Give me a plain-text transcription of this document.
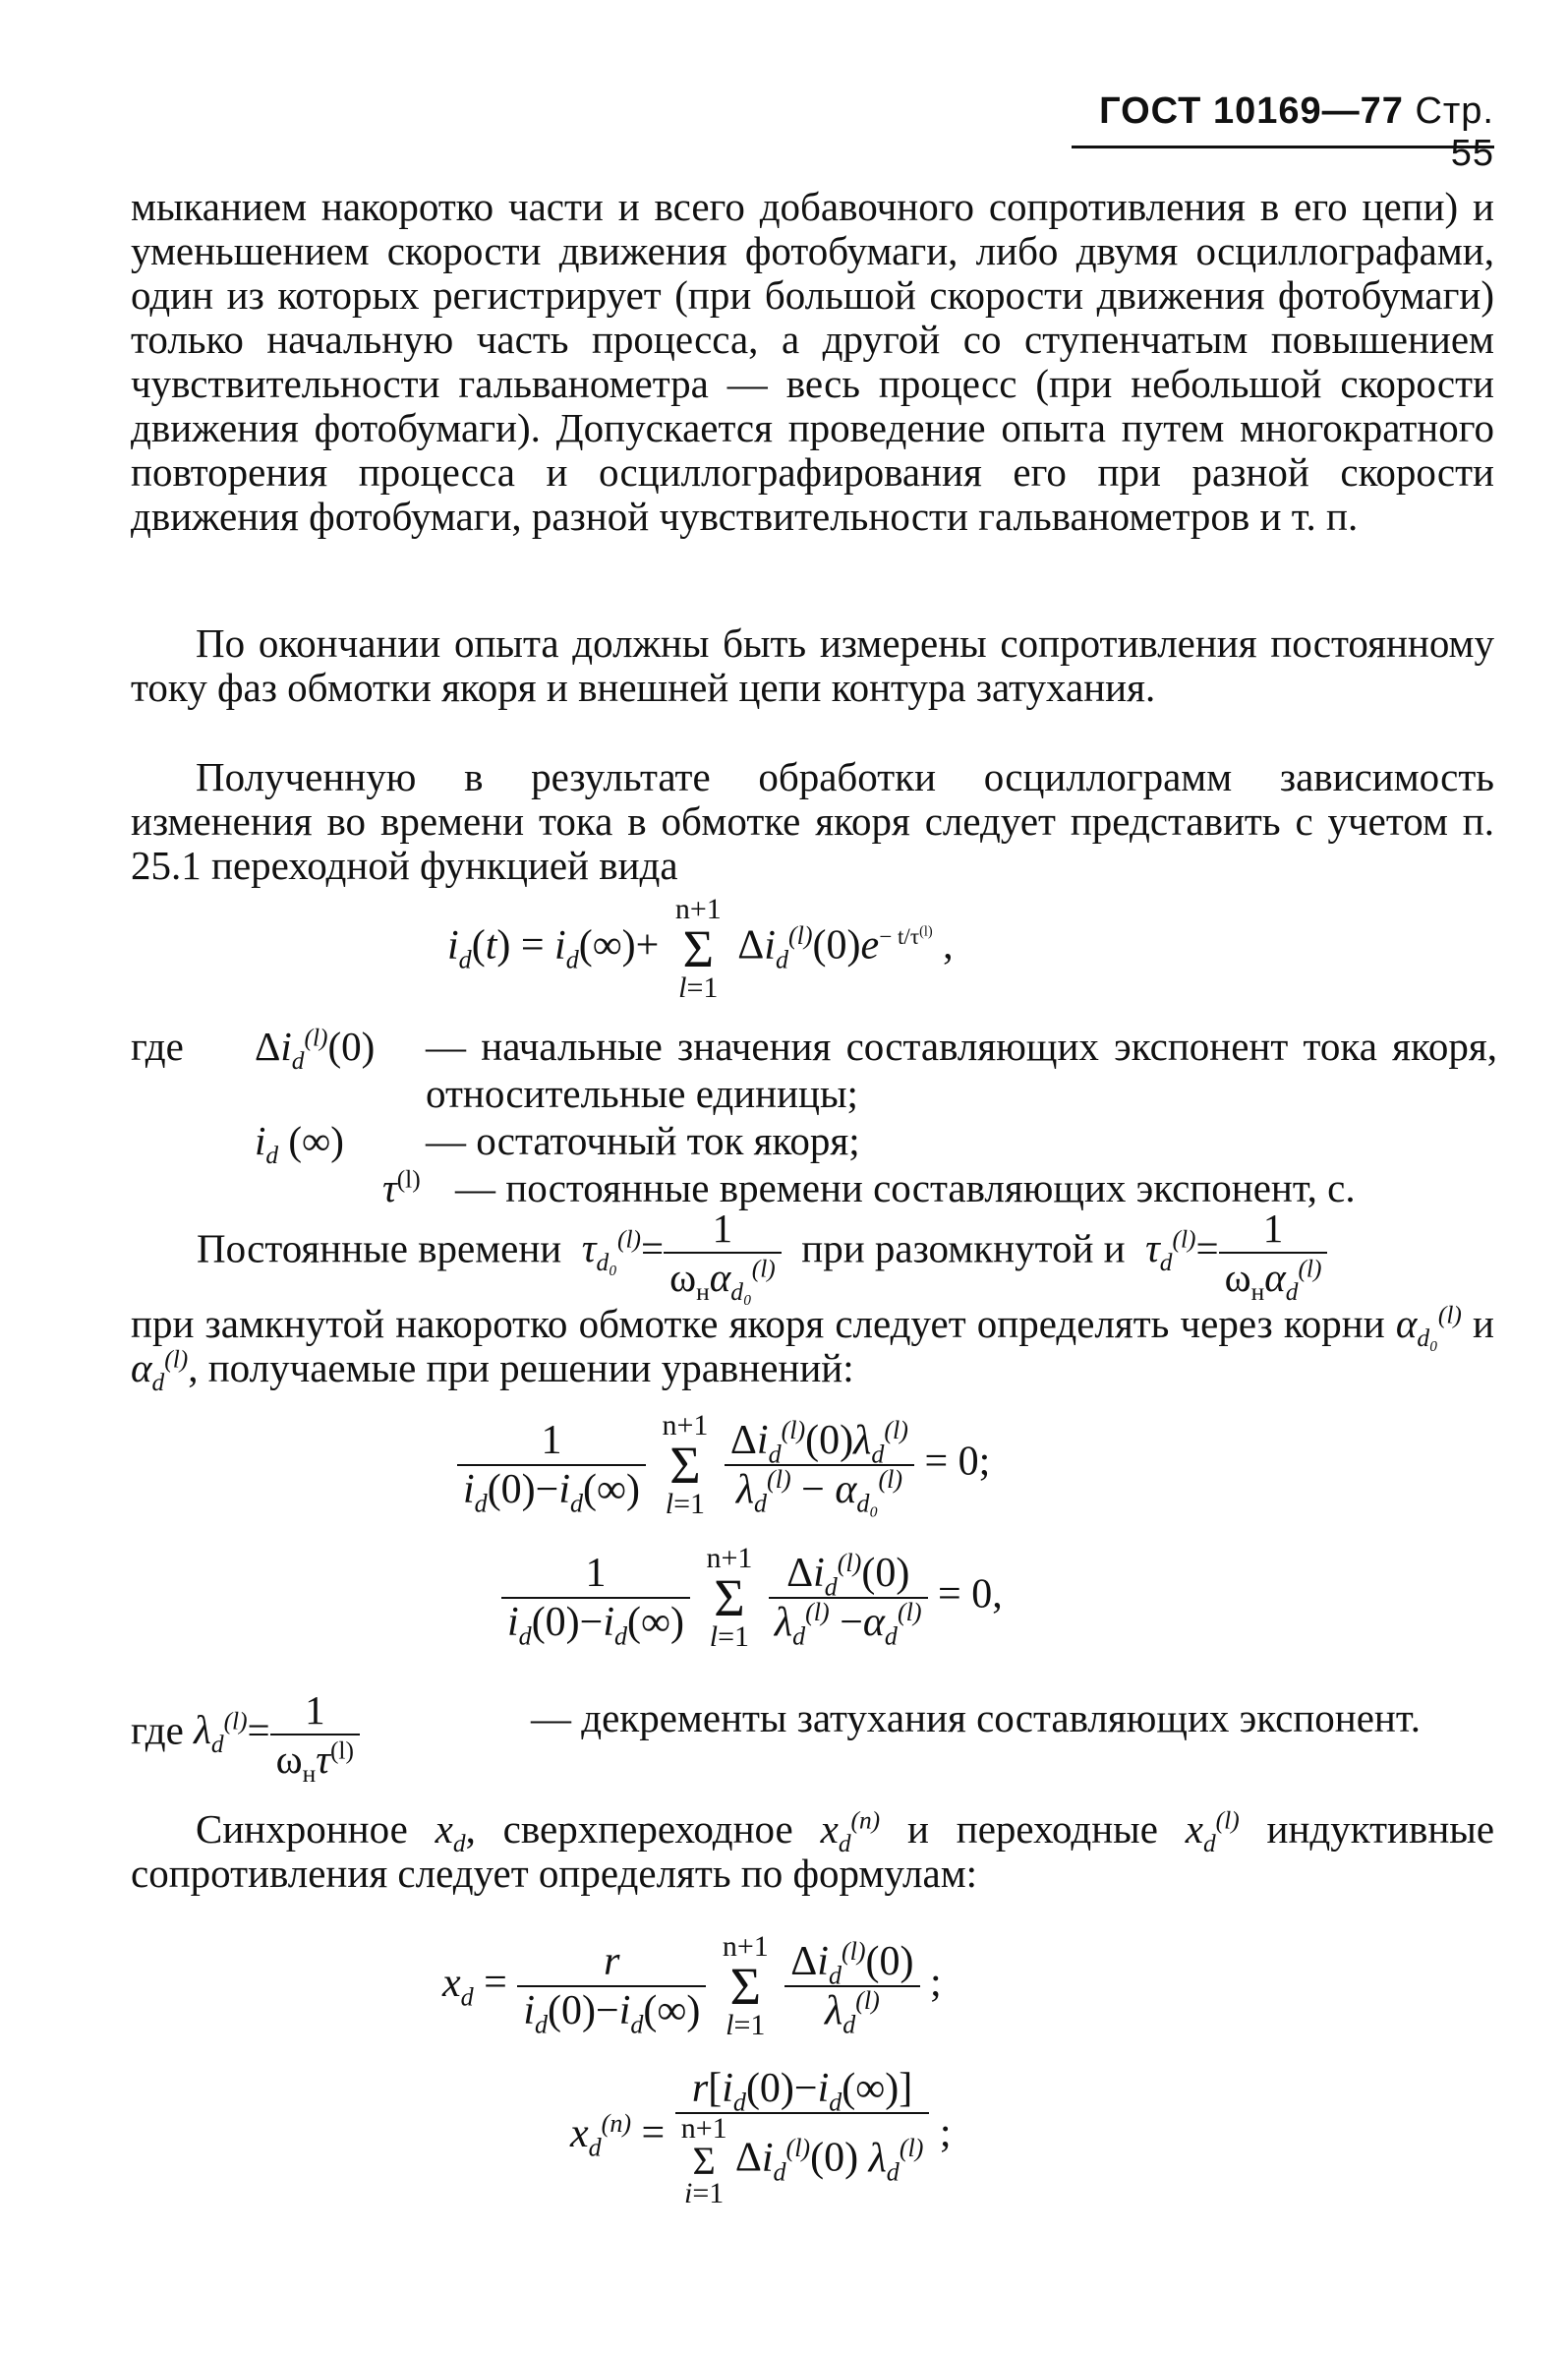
ГОСТ 10169—77 Стр. 55

мыканием накоротко части и всего добавочного сопротивления в его цепи) и уменьшением скорости движения фотобумаги, либо двумя осциллографами, один из которых регистрирует (при большой скорости движения фотобумаги) только начальную часть процесса, а другой со ступенчатым повышением чувствительности гальванометра — весь процесс (при небольшой скорости движения фотобумаги). Допускается проведение опыта путем многократного повторения процесса и осциллографирования его при разной скорости движения фотобумаги, разной чувствительности гальванометров и т. п.

По окончании опыта должны быть измерены сопротивления постоянному току фаз обмотки якоря и внешней цепи контура затухания.

Полученную в результате обработки осциллограмм зависимость изменения во времени тока в обмотке якоря следует представить с учетом п. 25.1 переходной функцией вида

$i_d(t) = i_d(\infty)+ n+1$
Σ
l=1 $\Delta i_d^{(l)}(0)e^{- t/\tau^{(l)}}$ ,
где $\Delta i_d^{(l)}(0)$ — начальные значения составляющих экспонент тока якоря, относительные единицы;
$i_d$ (∞) — остаточный ток якоря;
$\tau^{(l)}$ — постоянные времени составляющих экспонент, с.
Постоянные времени $\tau_{d_0}^{(l)}= \frac{1}{\omega_н\alpha_{d_0}^{(l)}}$ при разомкнутой и $\tau_d^{(l)}= \frac{1}{\omega_н\alpha_d^{(l)}}$

при замкнутой накоротко обмотке якоря следует определять через корни $\alpha_{d_0}^{(l)}$ и $\alpha_d^{(l)}$, получаемые при решении уравнений:

$\frac{1}{i_d(0)-i_d(\infty)} n+1$
Σ
$l=1 \frac{\Delta i_d^{(l)}(0)\lambda_d^{(l)}}{\lambda_d^{(l)} - \alpha_{d_0}^{(l)}} = 0$;
$\frac{1}{i_d(0)-i_d(\infty)} n+1$
Σ
$l=1 \frac{\Delta i_d^{(l)}(0)}{\lambda_d^{(l)} -\alpha_d^{(l)}} = 0$,
где $\lambda_d^{(l)}= \frac{1}{\omega_н\tau^{(l)}}$	— декременты затухания составляющих экспонент.

Синхронное $x_d$, сверхпереходное $x_d^{(n)}$ и переходные $x_d^{(l)}$ индуктивные сопротивления следует определять по формулам:

$x_d = \frac{r}{i_d(0)-i_d(\infty)} n+1$
Σ
$l=1 \frac{\Delta i_d^{(l)}(0)}{\lambda_d^{(l)}}$ ;
$x_d^{(n)} = r[i_d(0)-i_d(\infty)]$
n+1
Σ
i=1 $\Delta i_d^{(l)}(0)$ $\lambda_d^{(l)}$ ;
